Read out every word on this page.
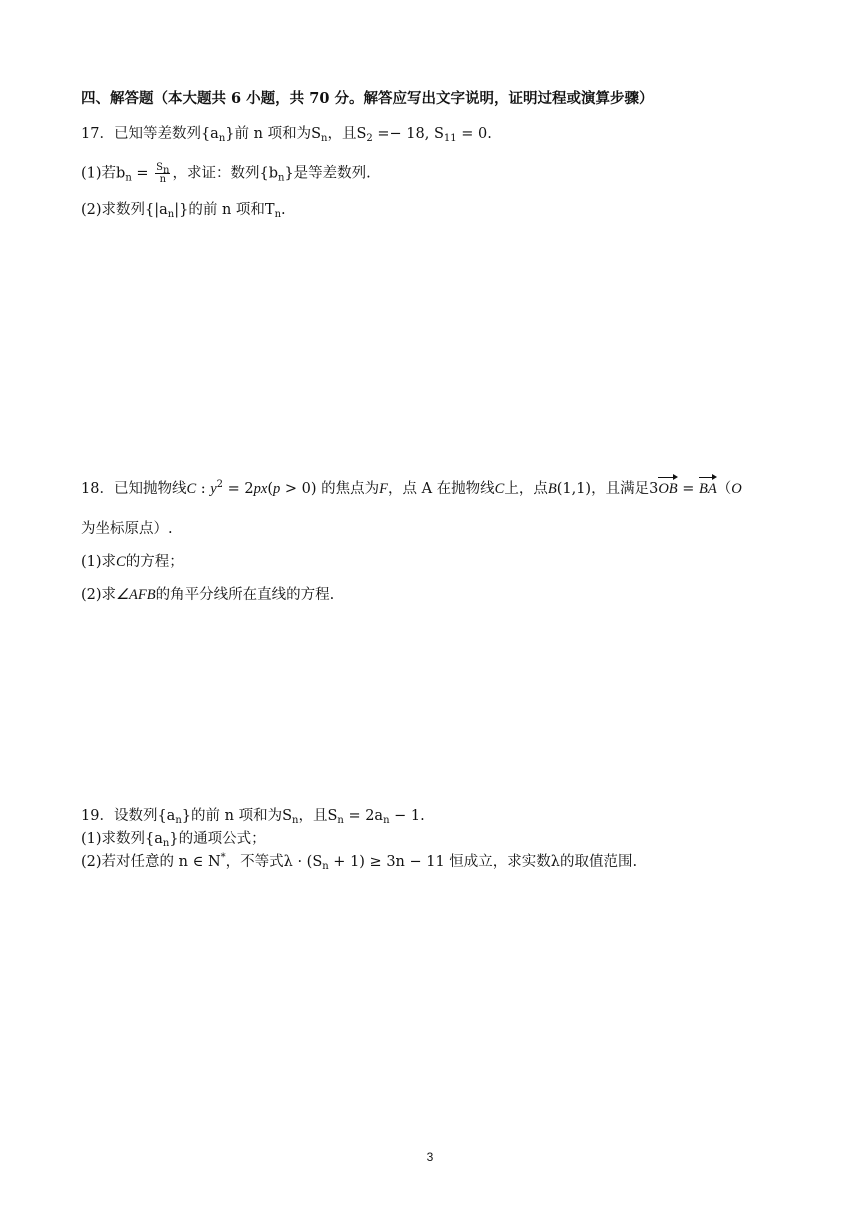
四、解答题（本大题共 6 小题，共 70 分。解答应写出文字说明，证明过程或演算步骤）
17．已知等差数列$\{a_n\}$前 n 项和为$S_n$，且$S_2 =- 18$, $S_{11} = 0$.
(1)若$b_n = \frac{S_n}{n}$ ，求证：数列$\{b_n\}$是等差数列.
(2)求数列$\{|a_n|\}$的前 n 项和$T_n$.
18．已知抛物线C : $y^2 = 2px(p > 0)$ 的焦点为F，点 A 在抛物线C上，点B(1,1)，且满足3OB = BA（O
为坐标原点）.
(1)求C的方程；
(2)求∠AFB的角平分线所在直线的方程.
19．设数列$\{a_n\}$的前 n 项和为$S_n$，且$S_n = 2a_n - 1$.
(1)求数列$\{a_n\}$的通项公式；
(2)若对任意的 n ∈ N*，不等式$\lambda \cdot (S_n + 1) \ge 3n - 11$ 恒成立，求实数λ的取值范围.
3
